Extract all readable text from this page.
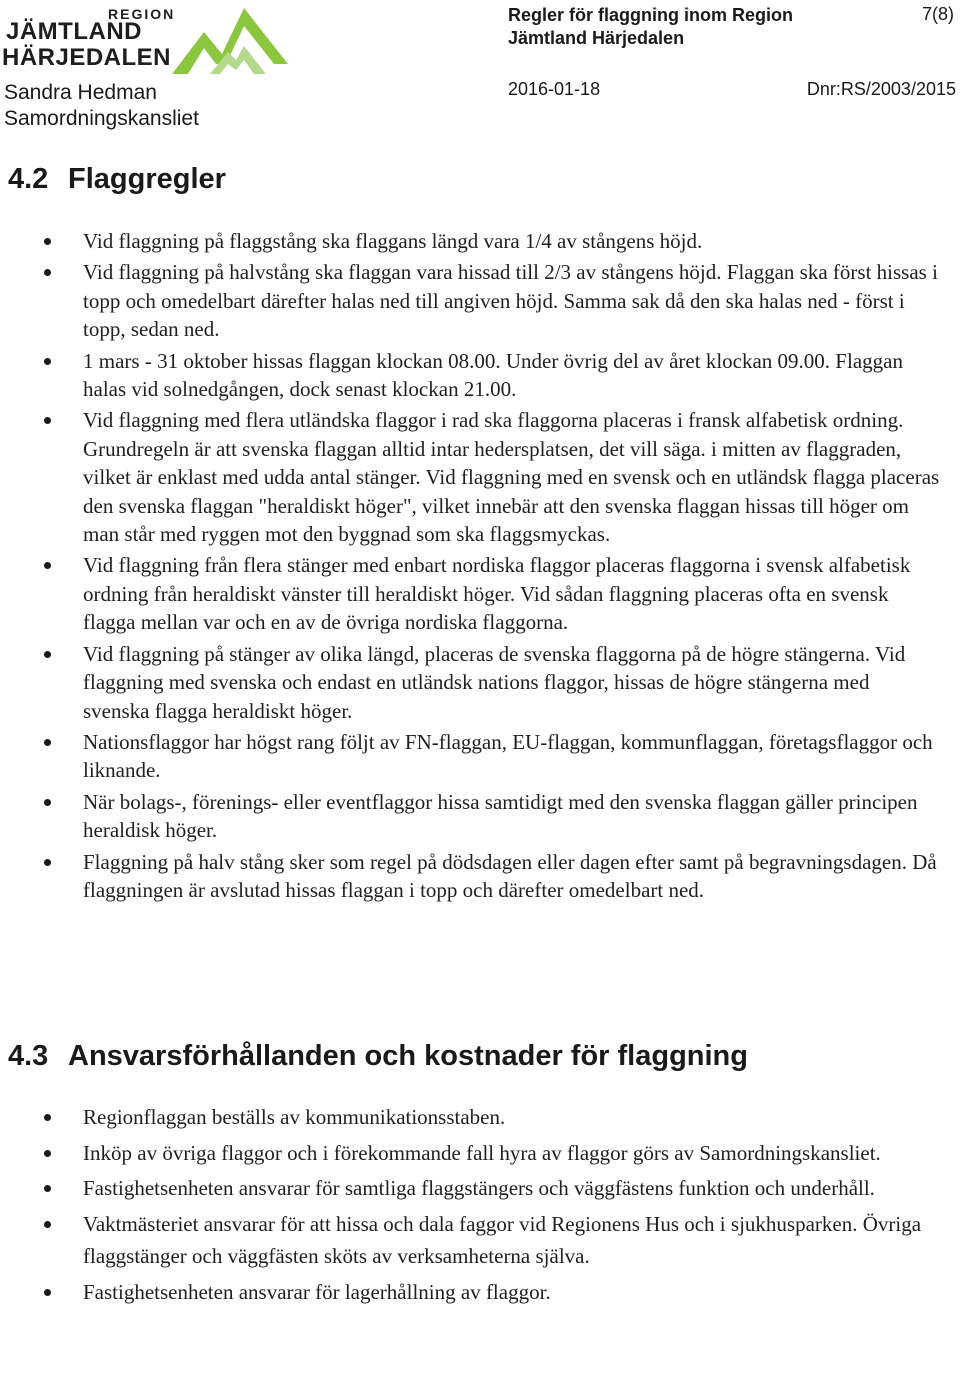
REGION
JÄMTLAND
HÄRJEDALEN
Sandra Hedman
Samordningskansliet
Regler för flaggning inom Region
Jämtland Härjedalen
7(8)
2016-01-18	Dnr:RS/2003/2015
4.2 Flaggregler
Vid flaggning på flaggstång ska flaggans längd vara 1/4 av stångens höjd.
Vid flaggning på halvstång ska flaggan vara hissad till 2/3 av stångens höjd. Flaggan ska först hissas i topp och omedelbart därefter halas ned till angiven höjd. Samma sak då den ska halas ned - först i topp, sedan ned.
1 mars - 31 oktober hissas flaggan klockan 08.00. Under övrig del av året klockan 09.00. Flaggan halas vid solnedgången, dock senast klockan 21.00.
Vid flaggning med flera utländska flaggor i rad ska flaggorna placeras i fransk alfabetisk ordning. Grundregeln är att svenska flaggan alltid intar hedersplatsen, det vill säga. i mitten av flaggraden, vilket är enklast med udda antal stänger. Vid flaggning med en svensk och en utländsk flagga placeras den svenska flaggan "heraldiskt höger", vilket innebär att den svenska flaggan hissas till höger om man står med ryggen mot den byggnad som ska flaggsmyckas.
Vid flaggning från flera stänger med enbart nordiska flaggor placeras flaggorna i svensk alfabetisk ordning från heraldiskt vänster till heraldiskt höger. Vid sådan flaggning placeras ofta en svensk flagga mellan var och en av de övriga nordiska flaggorna.
Vid flaggning på stänger av olika längd, placeras de svenska flaggorna på de högre stängerna. Vid flaggning med svenska och endast en utländsk nations flaggor, hissas de högre stängerna med svenska flagga heraldiskt höger.
Nationsflaggor har högst rang följt av FN-flaggan, EU-flaggan, kommunflaggan, företagsflaggor och liknande.
När bolags-, förenings- eller eventflaggor hissa samtidigt med den svenska flaggan gäller principen heraldisk höger.
Flaggning på halv stång sker som regel på dödsdagen eller dagen efter samt på begravningsdagen. Då flaggningen är avslutad hissas flaggan i topp och därefter omedelbart ned.
4.3 Ansvarsförhållanden och kostnader för flaggning
Regionflaggan beställs av kommunikationsstaben.
Inköp av övriga flaggor och i förekommande fall hyra av flaggor görs av Samordningskansliet.
Fastighetsenheten ansvarar för samtliga flaggstängers och väggfästens funktion och underhåll.
Vaktmästeriet ansvarar för att hissa och dala faggor vid Regionens Hus och i sjukhusparken. Övriga flaggstänger och väggfästen sköts av verksamheterna själva.
Fastighetsenheten ansvarar för lagerhållning av flaggor.
